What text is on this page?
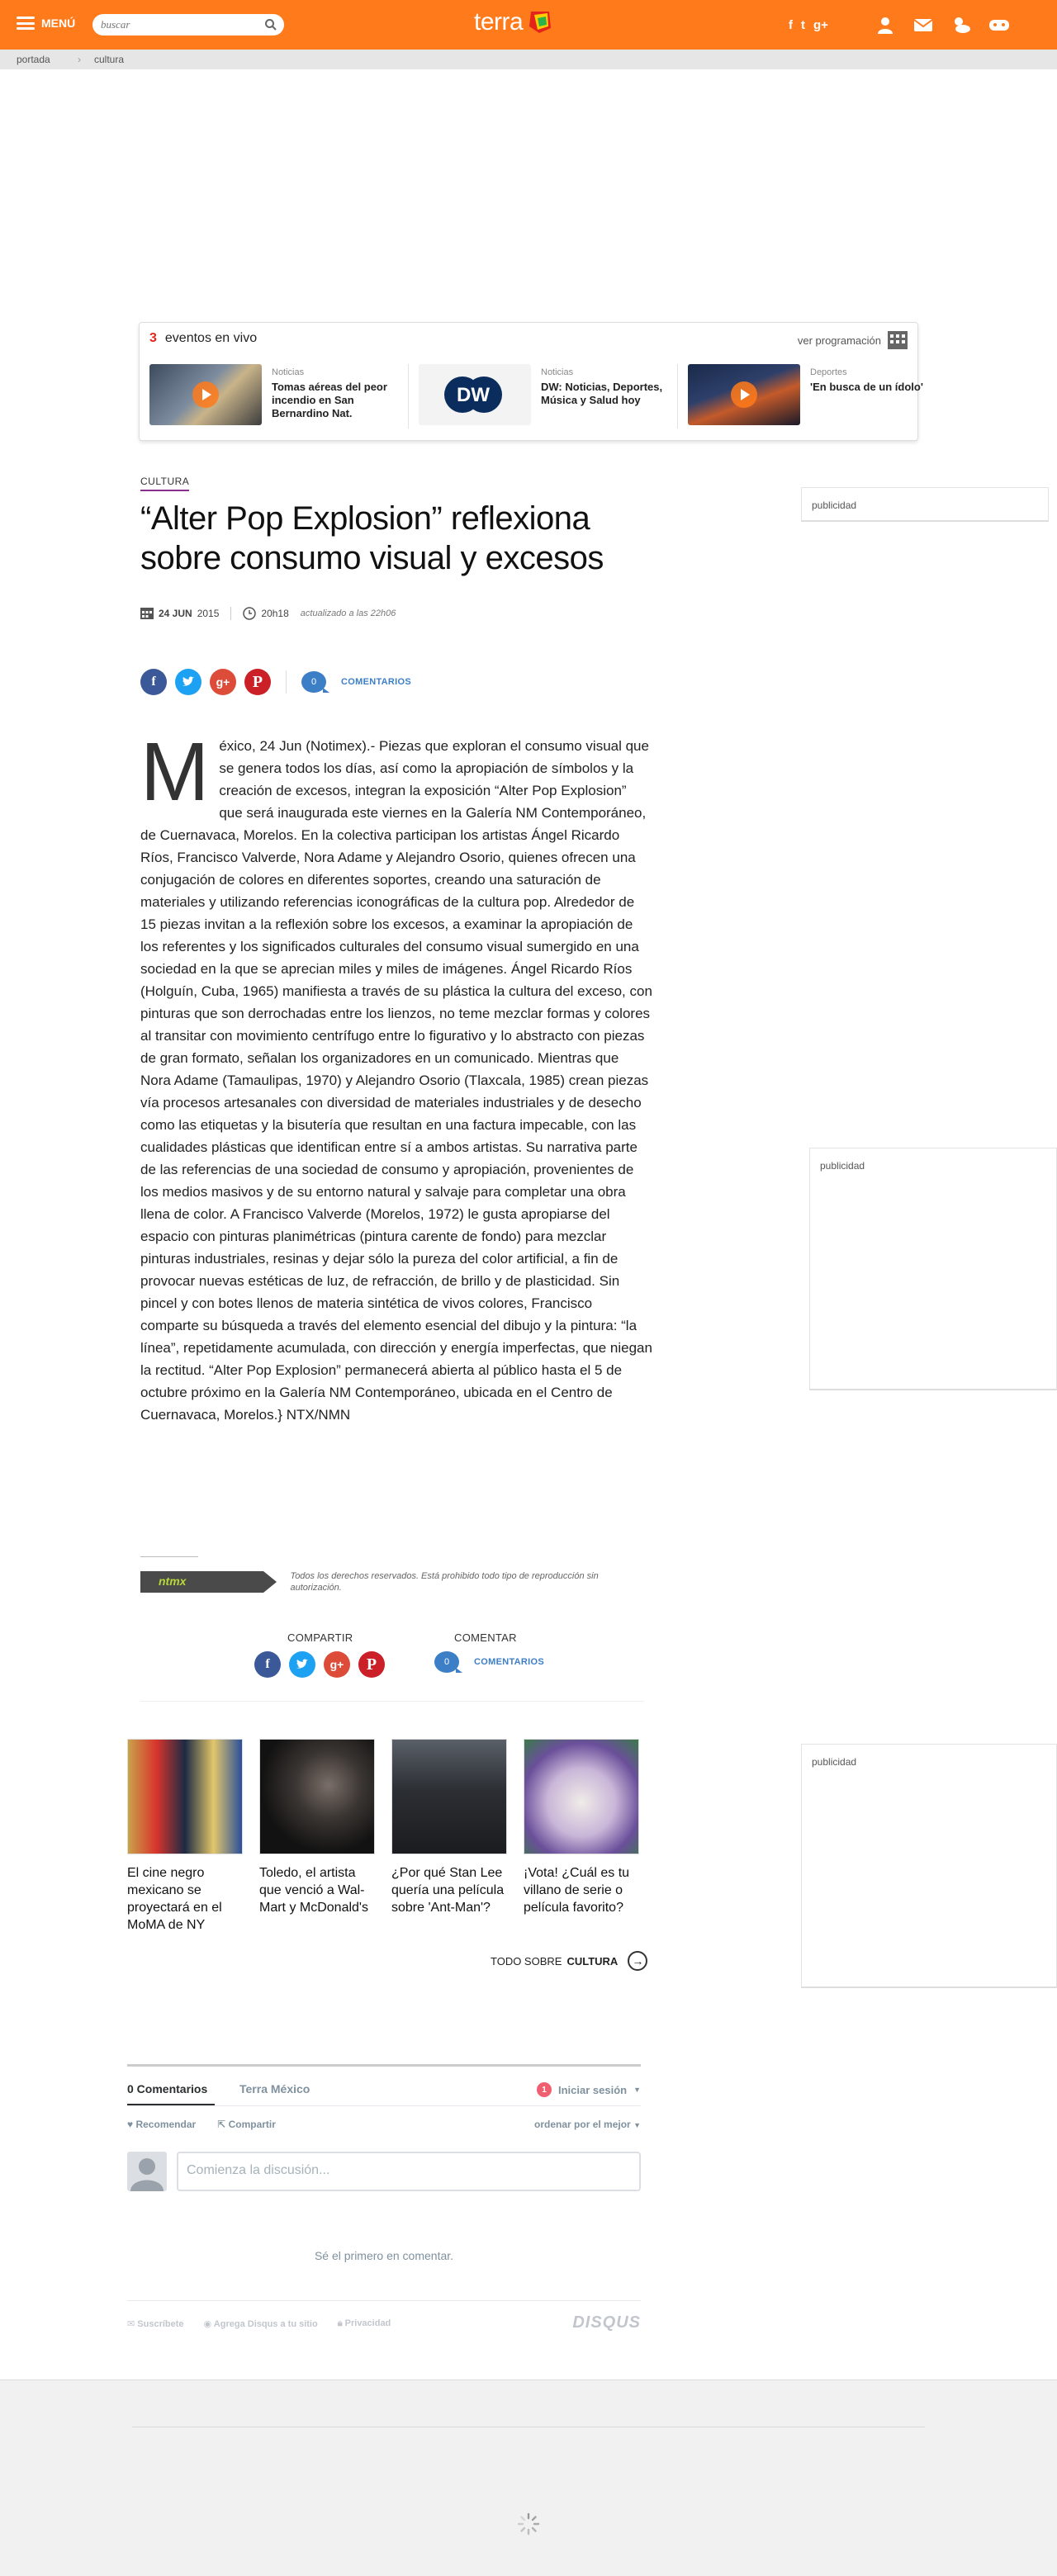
MENÚ
buscar	terra	f t g+
portada	› cultura
3 eventos en vivo	ver programación
Noticias
Tomas aéreas del peor incendio en San Bernardino Nat.
DW
Noticias
DW: Noticias, Deportes, Música y Salud hoy
Deportes
'En busca de un ídolo'
CULTURA
“Alter Pop Explosion” reflexiona sobre consumo visual y excesos
24 JUN 2015	20h18 actualizado a las 22h06
f	g+	P	0	COMENTARIOS
M éxico, 24 Jun (Notimex).- Piezas que exploran el consumo visual que se genera todos los días, así como la apropiación de símbolos y la creación de excesos, integran la exposición “Alter Pop Explosion” que será inaugurada este viernes en la Galería NM Contemporáneo, de Cuernavaca, Morelos. En la colectiva participan los artistas Ángel Ricardo Ríos, Francisco Valverde, Nora Adame y Alejandro Osorio, quienes ofrecen una conjugación de colores en diferentes soportes, creando una saturación de materiales y utilizando referencias iconográficas de la cultura pop. Alrededor de 15 piezas invitan a la reflexión sobre los excesos, a examinar la apropiación de los referentes y los significados culturales del consumo visual sumergido en una sociedad en la que se aprecian miles y miles de imágenes. Ángel Ricardo Ríos (Holguín, Cuba, 1965) manifiesta a través de su plástica la cultura del exceso, con pinturas que son derrochadas entre los lienzos, no teme mezclar formas y colores al transitar con movimiento centrífugo entre lo figurativo y lo abstracto con piezas de gran formato, señalan los organizadores en un comunicado. Mientras que Nora Adame (Tamaulipas, 1970) y Alejandro Osorio (Tlaxcala, 1985) crean piezas vía procesos artesanales con diversidad de materiales industriales y de desecho como las etiquetas y la bisutería que resultan en una factura impecable, con las cualidades plásticas que identifican entre sí a ambos artistas. Su narrativa parte de las referencias de una sociedad de consumo y apropiación, provenientes de los medios masivos y de su entorno natural y salvaje para completar una obra llena de color. A Francisco Valverde (Morelos, 1972) le gusta apropiarse del espacio con pinturas planimétricas (pintura carente de fondo) para mezclar pinturas industriales, resinas y dejar sólo la pureza del color artificial, a fin de provocar nuevas estéticas de luz, de refracción, de brillo y de plasticidad. Sin pincel y con botes llenos de materia sintética de vivos colores, Francisco comparte su búsqueda a través del elemento esencial del dibujo y la pintura: “la línea”, repetidamente acumulada, con dirección y energía imperfectas, que niegan la rectitud. “Alter Pop Explosion” permanecerá abierta al público hasta el 5 de octubre próximo en la Galería NM Contemporáneo, ubicada en el Centro de Cuernavaca, Morelos.} NTX/NMN
ntmx	Todos los derechos reservados. Está prohibido todo tipo de reproducción sin autorización.
COMPARTIR	COMENTAR
f	g+	P	0	COMENTARIOS
El cine negro mexicano se proyectará en el MoMA de NY
Toledo, el artista que venció a Wal-Mart y McDonald's
¿Por qué Stan Lee quería una película sobre 'Ant-Man'?
¡Vota! ¿Cuál es tu villano de serie o película favorito?
TODO SOBRE CULTURA	→
0 Comentarios	Terra México	1	Iniciar sesión ▼
♥ Recomendar ⇱ Compartir	ordenar por el mejor ▼
Comienza la discusión...
Sé el primero en comentar.
✉ Suscríbete ◉ Agrega Disqus a tu sitio 🔒︎ Privacidad	DISQUS
publicidad
publicidad
publicidad
